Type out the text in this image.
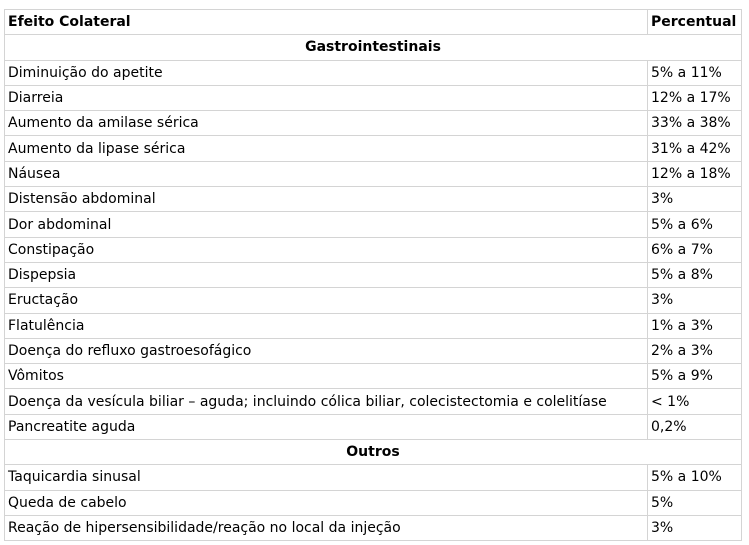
Efeito Colateral	Percentual
Gastrointestinais	
Diminuição do apetite	5% a 11%
Diarreia	12% a 17%
Aumento da amilase sérica	33% a 38%
Aumento da lipase sérica	31% a 42%
Náusea	12% a 18%
Distensão abdominal	3%
Dor abdominal	5% a 6%
Constipação	6% a 7%
Dispepsia	5% a 8%
Eructação	3%
Flatulência	1% a 3%
Doença do refluxo gastroesofágico	2% a 3%
Vômitos	5% a 9%
Doença da vesícula biliar – aguda; incluindo cólica biliar, colecistectomia e colelitíase	< 1%
Pancreatite aguda	0,2%
Outros	
Taquicardia sinusal	5% a 10%
Queda de cabelo	5%
Reação de hipersensibilidade/reação no local da injeção	3%
